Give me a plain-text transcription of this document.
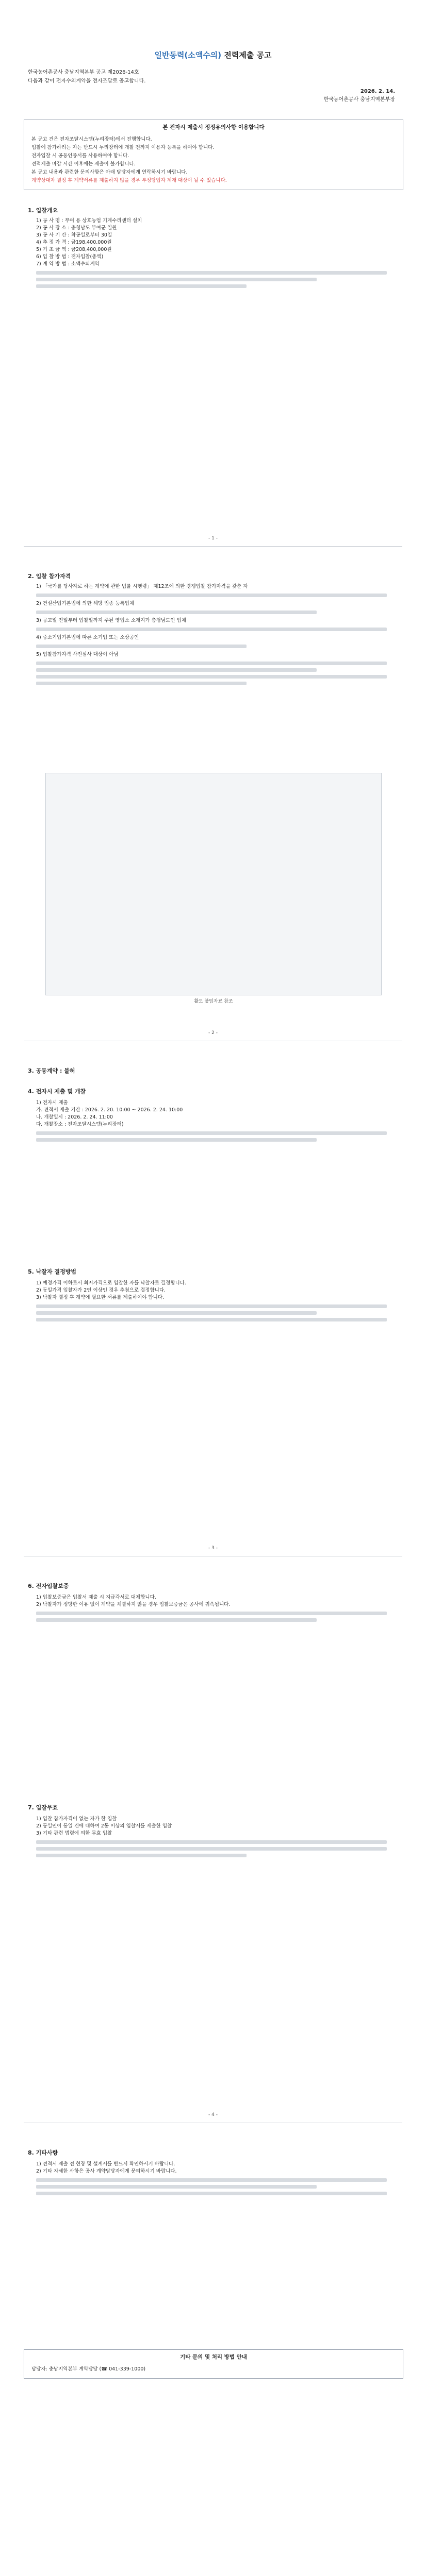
일반동력(소액수의) 전력제출 공고
한국농어촌공사 충남지역본부 공고 제2026-14호
다음과 같이 전자수의계약을 전자조달로 공고합니다.
2026. 2. 14.
한국농어촌공사 충남지역본부장
본 전자시 제출시 정정유의사항 이용합니다
본 공고 건은 전자조달시스템(누리장터)에서 진행합니다.
입찰에 참가하려는 자는 반드시 누리장터에 개찰 전까지 이용자 등록을 하여야 합니다.
전자입찰 시 공동인증서를 사용하여야 합니다.
견적제출 마감 시간 이후에는 제출이 불가합니다.
본 공고 내용과 관련한 문의사항은 아래 담당자에게 연락하시기 바랍니다.
계약상대자 결정 후 계약서류를 제출하지 않을 경우 부정당업자 제재 대상이 될 수 있습니다.
1. 입찰개요
1) 공 사 명 : 부여 용 상호농업 기계수리센터 설치
2) 공 사 장 소 : 충청남도 부여군 일원
3) 공 사 기 간 : 착공일로부터 30일
4) 추 정 가 격 : 금198,400,000원
5) 기 초 금 액 : 금208,400,000원
6) 입 찰 방 법 : 전자입찰(총액)
7) 계 약 방 법 : 소액수의계약
- 1 -
2. 입찰 참가자격
1) 「국가를 당사자로 하는 계약에 관한 법률 시행령」 제12조에 의한 경쟁입찰 참가자격을 갖춘 자
2) 건설산업기본법에 의한 해당 업종 등록업체
3) 공고일 전일부터 입찰일까지 주된 영업소 소재지가 충청남도인 업체
4) 중소기업기본법에 따른 소기업 또는 소상공인
5) 입찰참가자격 사전심사 대상이 아님
활도 붙임자료 참조
- 2 -
3. 공동계약 : 불허
4. 전자시 제출 및 개찰
1) 전자시 제출
가. 견적서 제출 기간 : 2026. 2. 20. 10:00 ~ 2026. 2. 24. 10:00
나. 개찰일시 : 2026. 2. 24. 11:00
다. 개찰장소 : 전자조달시스템(누리장터)
5. 낙찰자 결정방법
1) 예정가격 이하로서 최저가격으로 입찰한 자를 낙찰자로 결정합니다.
2) 동일가격 입찰자가 2인 이상인 경우 추첨으로 결정합니다.
3) 낙찰자 결정 후 계약에 필요한 서류를 제출하여야 합니다.
- 3 -
6. 전자입찰보증
1) 입찰보증금은 입찰서 제출 시 지급각서로 대체합니다.
2) 낙찰자가 정당한 이유 없이 계약을 체결하지 않을 경우 입찰보증금은 공사에 귀속됩니다.
7. 입찰무효
1) 입찰 참가자격이 없는 자가 한 입찰
2) 동일인이 동일 건에 대하여 2통 이상의 입찰서를 제출한 입찰
3) 기타 관련 법령에 의한 무효 입찰
- 4 -
8. 기타사항
1) 견적서 제출 전 현장 및 설계서를 반드시 확인하시기 바랍니다.
2) 기타 자세한 사항은 공사 계약담당자에게 문의하시기 바랍니다.
기타 문의 및 처리 방법 안내
담당자: 충남지역본부 계약담당 (☎ 041-339-1000)
